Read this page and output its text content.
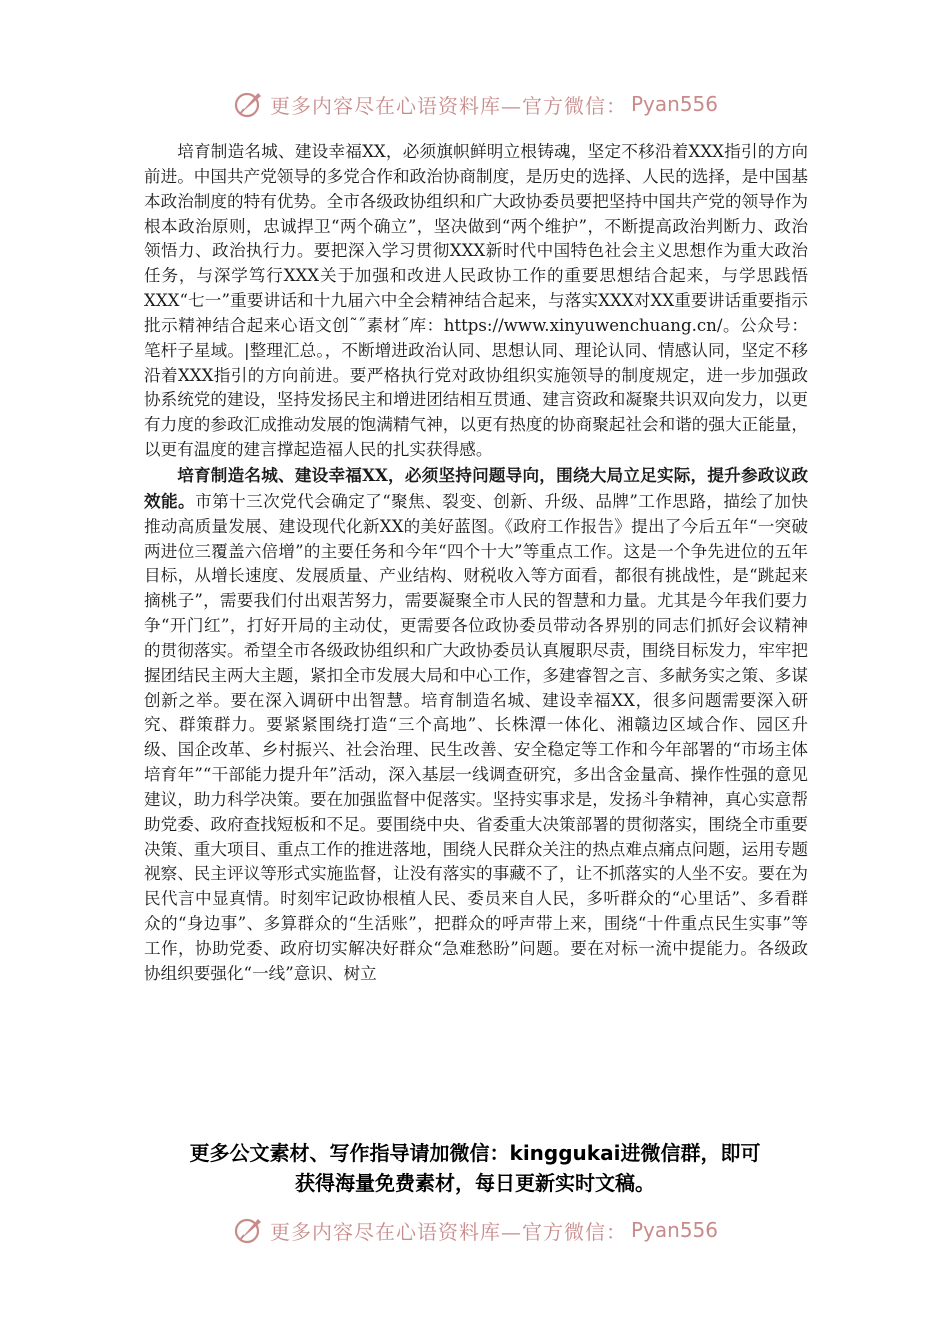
更多内容尽在心语资料库—官方微信： Pyan556

培育制造名城、建设幸福XX，必须旗帜鲜明立根铸魂，坚定不移沿着XXX指引的方向前进。中国共产党领导的多党合作和政治协商制度，是历史的选择、人民的选择，是中国基本政治制度的特有优势。全市各级政协组织和广大政协委员要把坚持中国共产党的领导作为根本政治原则，忠诚捍卫“两个确立”，坚决做到“两个维护”，不断提高政治判断力、政治领悟力、政治执行力。要把深入学习贯彻XXX新时代中国特色社会主义思想作为重大政治任务，与深学笃行XXX关于加强和改进人民政协工作的重要思想结合起来，与学思践悟XXX“七一”重要讲话和十九届六中全会精神结合起来，与落实XXX对XX重要讲话重要指示批示精神结合起来心语文创˜˝素材˝库：https://www.xinyuwenchuang.cn/。公众号：笔杆子星域。|整理汇总。，不断增进政治认同、思想认同、理论认同、情感认同，坚定不移沿着XXX指引的方向前进。要严格执行党对政协组织实施领导的制度规定，进一步加强政协系统党的建设，坚持发扬民主和增进团结相互贯通、建言资政和凝聚共识双向发力，以更有力度的参政汇成推动发展的饱满精气神，以更有热度的协商聚起社会和谐的强大正能量，以更有温度的建言撑起造福人民的扎实获得感。

培育制造名城、建设幸福XX，必须坚持问题导向，围绕大局立足实际，提升参政议政效能。市第十三次党代会确定了“聚焦、裂变、创新、升级、品牌”工作思路，描绘了加快推动高质量发展、建设现代化新XX的美好蓝图。《政府工作报告》提出了今后五年“一突破两进位三覆盖六倍增”的主要任务和今年“四个十大”等重点工作。这是一个争先进位的五年目标，从增长速度、发展质量、产业结构、财税收入等方面看，都很有挑战性，是“跳起来摘桃子”，需要我们付出艰苦努力，需要凝聚全市人民的智慧和力量。尤其是今年我们要力争“开门红”，打好开局的主动仗，更需要各位政协委员带动各界别的同志们抓好会议精神的贯彻落实。希望全市各级政协组织和广大政协委员认真履职尽责，围绕目标发力，牢牢把握团结民主两大主题，紧扣全市发展大局和中心工作，多建睿智之言、多献务实之策、多谋创新之举。要在深入调研中出智慧。培育制造名城、建设幸福XX，很多问题需要深入研究、群策群力。要紧紧围绕打造“三个高地”、长株潭一体化、湘赣边区域合作、园区升级、国企改革、乡村振兴、社会治理、民生改善、安全稳定等工作和今年部署的“市场主体培育年”“干部能力提升年”活动，深入基层一线调查研究，多出含金量高、操作性强的意见建议，助力科学决策。要在加强监督中促落实。坚持实事求是，发扬斗争精神，真心实意帮助党委、政府查找短板和不足。要围绕中央、省委重大决策部署的贯彻落实，围绕全市重要决策、重大项目、重点工作的推进落地，围绕人民群众关注的热点难点痛点问题，运用专题视察、民主评议等形式实施监督，让没有落实的事藏不了，让不抓落实的人坐不安。要在为民代言中显真情。时刻牢记政协根植人民、委员来自人民，多听群众的“心里话”、多看群众的“身边事”、多算群众的“生活账”，把群众的呼声带上来，围绕“十件重点民生实事”等工作，协助党委、政府切实解决好群众“急难愁盼”问题。要在对标一流中提能力。各级政协组织要强化“一线”意识、树立

更多公文素材、写作指导请加微信：kinggukai进微信群，即可
获得海量免费素材，每日更新实时文稿。
更多内容尽在心语资料库—官方微信： Pyan556
